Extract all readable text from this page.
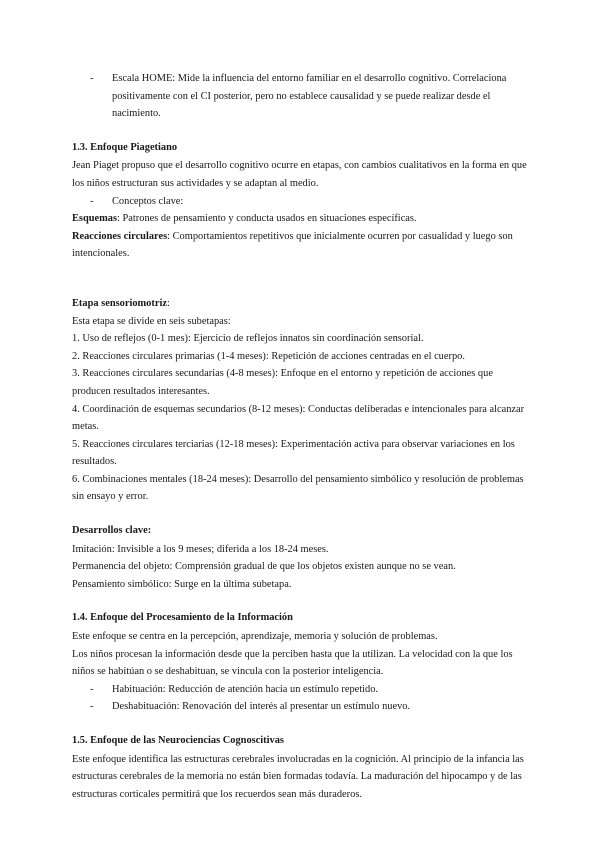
- Escala HOME: Mide la influencia del entorno familiar en el desarrollo cognitivo. Correlaciona positivamente con el CI posterior, pero no establece causalidad y se puede realizar desde el nacimiento.

1.3. Enfoque Piagetiano

Jean Piaget propuso que el desarrollo cognitivo ocurre en etapas, con cambios cualitativos en la forma en que los niños estructuran sus actividades y se adaptan al medio.

- Conceptos clave:

Esquemas: Patrones de pensamiento y conducta usados en situaciones específicas.

Reacciones circulares: Comportamientos repetitivos que inicialmente ocurren por casualidad y luego son intencionales.

Etapa sensoriomotriz:

Esta etapa se divide en seis subetapas:

1. Uso de reflejos (0-1 mes): Ejercicio de reflejos innatos sin coordinación sensorial.

2. Reacciones circulares primarias (1-4 meses): Repetición de acciones centradas en el cuerpo.

3. Reacciones circulares secundarias (4-8 meses): Enfoque en el entorno y repetición de acciones que producen resultados interesantes.

4. Coordinación de esquemas secundarios (8-12 meses): Conductas deliberadas e intencionales para alcanzar metas.

5. Reacciones circulares terciarias (12-18 meses): Experimentación activa para observar variaciones en los resultados.

6. Combinaciones mentales (18-24 meses): Desarrollo del pensamiento simbólico y resolución de problemas sin ensayo y error.

Desarrollos clave:

Imitación: Invisible a los 9 meses; diferida a los 18-24 meses.

Permanencia del objeto: Comprensión gradual de que los objetos existen aunque no se vean.

Pensamiento simbólico: Surge en la última subetapa.

1.4. Enfoque del Procesamiento de la Información

Este enfoque se centra en la percepción, aprendizaje, memoria y solución de problemas.

Los niños procesan la información desde que la perciben hasta que la utilizan. La velocidad con la que los niños se habitúan o se deshabituan, se vincula con la posterior inteligencia.

- Habituación: Reducción de atención hacia un estímulo repetido.
- Deshabituación: Renovación del interés al presentar un estímulo nuevo.

1.5. Enfoque de las Neurociencias Cognoscitivas

Este enfoque identifica las estructuras cerebrales involucradas en la cognición. Al principio de la infancia las estructuras cerebrales de la memoria no están bien formadas todavía. La maduración del hipocampo y de las estructuras corticales permitirá que los recuerdos sean más duraderos.
